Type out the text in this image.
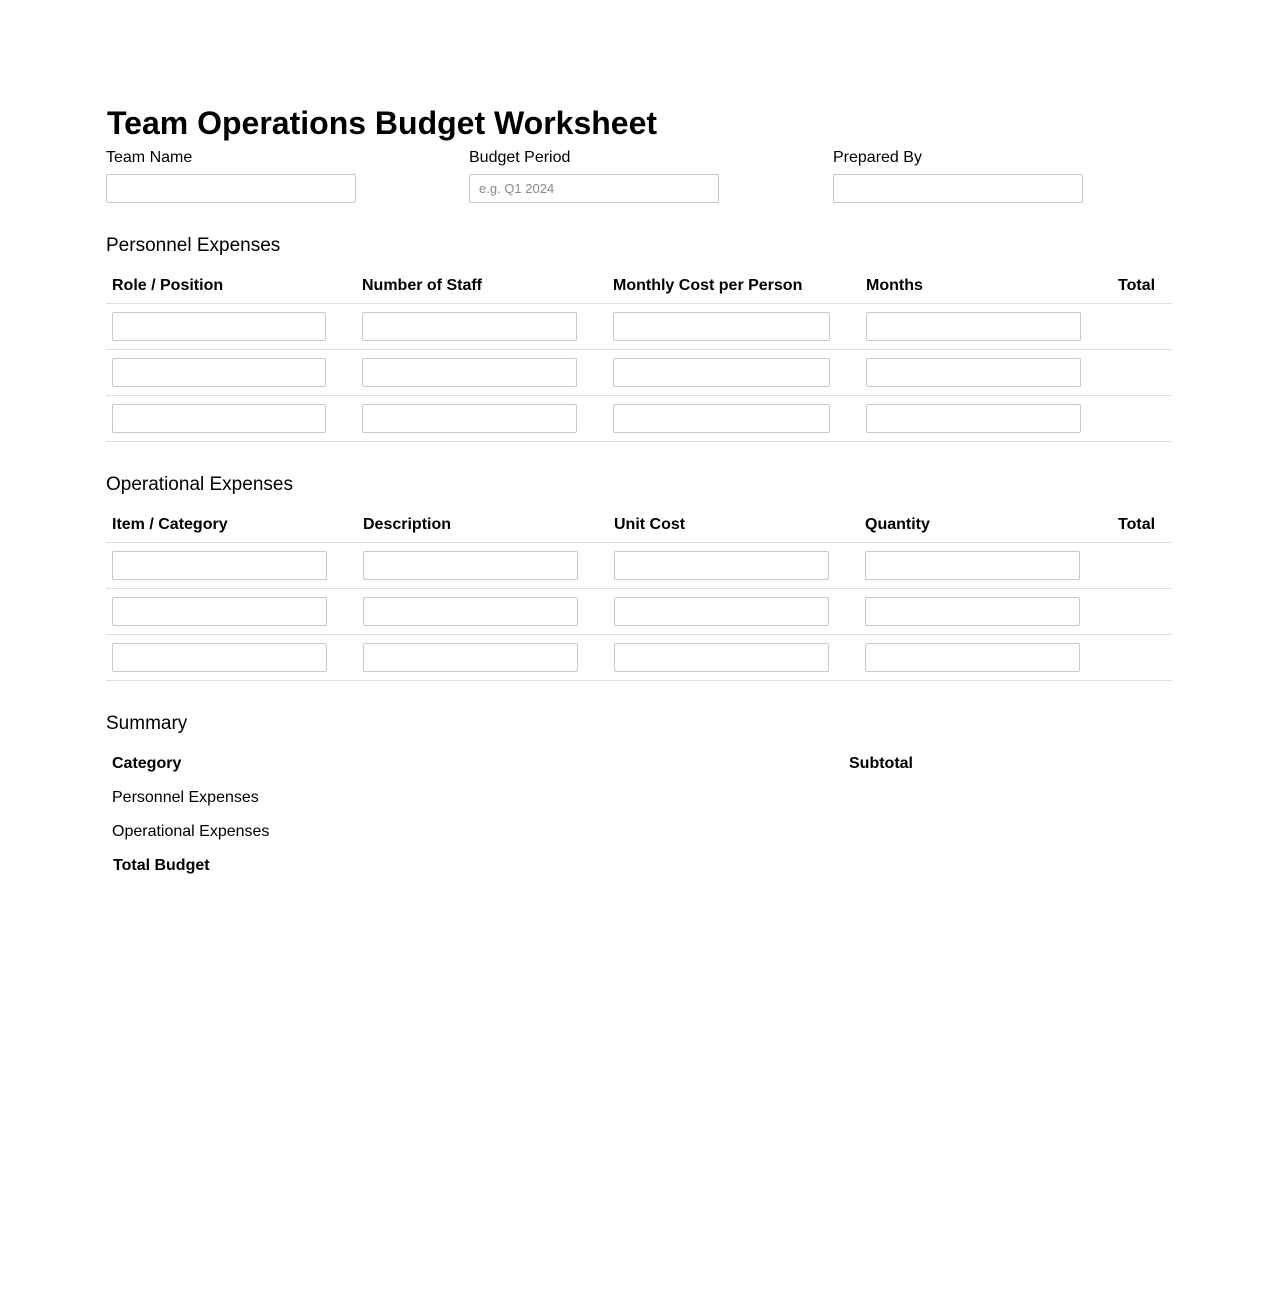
Team Operations Budget Worksheet
Team Name	Budget Period
e.g. Q1 2024	Prepared By
Personnel Expenses
Role / Position	Number of Staff	Monthly Cost per Person	Months	Total
Operational Expenses
Item / Category	Description	Unit Cost	Quantity	Total
Summary
Category	Subtotal
Personnel Expenses
Operational Expenses
Total Budget
